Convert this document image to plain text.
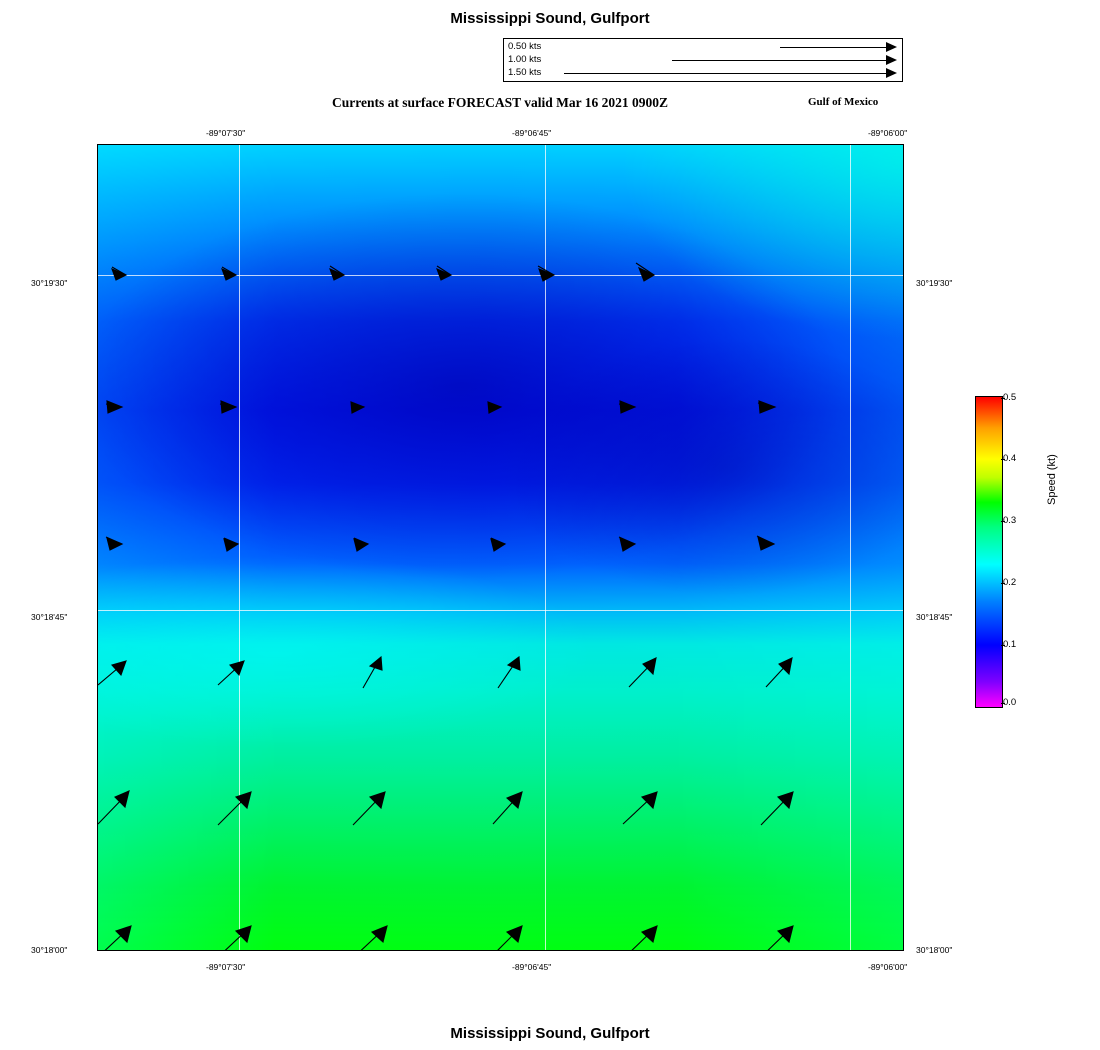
Mississippi Sound, Gulfport
Currents at surface FORECAST valid Mar 16 2021 0900Z	Gulf of Mexico
Mississippi Sound, Gulfport
0.50 kts
1.00 kts
1.50 kts
-89°07'30"	-89°06'45"	-89°06'00"
-89°07'30"	-89°06'45"	-89°06'00"
30°19'30"
30°18'45"
30°18'00"
30°19'30"
30°18'45"
30°18'00"
0.5
0.4
0.3
0.2
0.1
0.0
Speed (kt)
